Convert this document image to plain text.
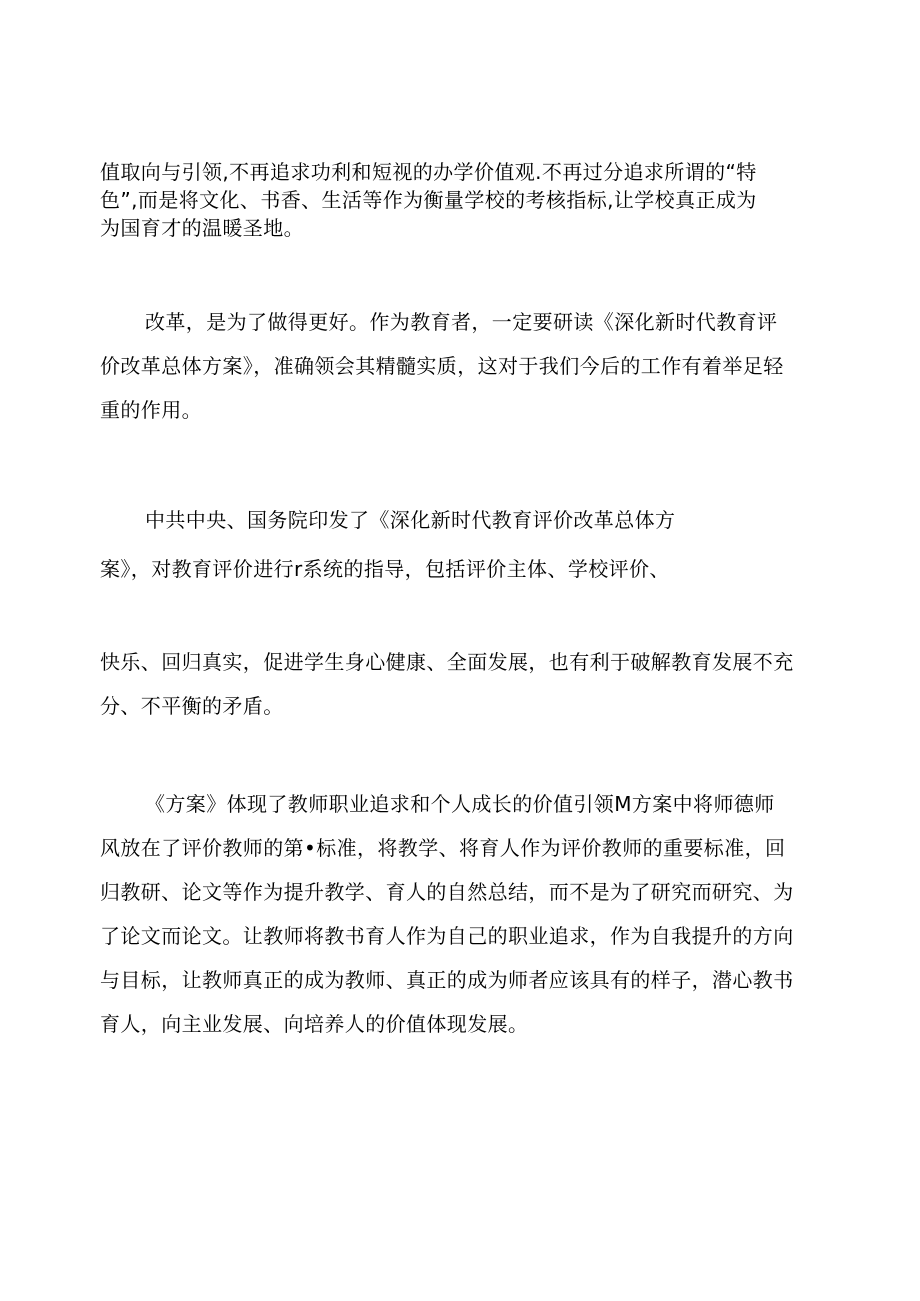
值取向与引领,不再追求功利和短视的办学价值观.不再过分追求所谓的“特
色”,而是将文化、书香、生活等作为衡量学校的考核指标,让学校真正成为
为国育才的温暖圣地。
改革，是为了做得更好。作为教育者，一定要研读《深化新时代教育评
价改革总体方案》，准确领会其精髓实质，这对于我们今后的工作有着举足轻
重的作用。
中共中央、国务院印发了《深化新时代教育评价改革总体方
案》，对教育评价进行r系统的指导，包括评价主体、学校评价、
快乐、回归真实，促进学生身心健康、全面发展，也有利于破解教育发展不充
分、不平衡的矛盾。
《方案》体现了教师职业追求和个人成长的价值引领M方案中将师德师
风放在了评价教师的第•标准，将教学、将育人作为评价教师的重要标准，回
归教研、论文等作为提升教学、育人的自然总结，而不是为了研究而研究、为
了论文而论文。让教师将教书育人作为自己的职业追求，作为自我提升的方向
与目标，让教师真正的成为教师、真正的成为师者应该具有的样子，潜心教书
育人，向主业发展、向培养人的价值体现发展。
